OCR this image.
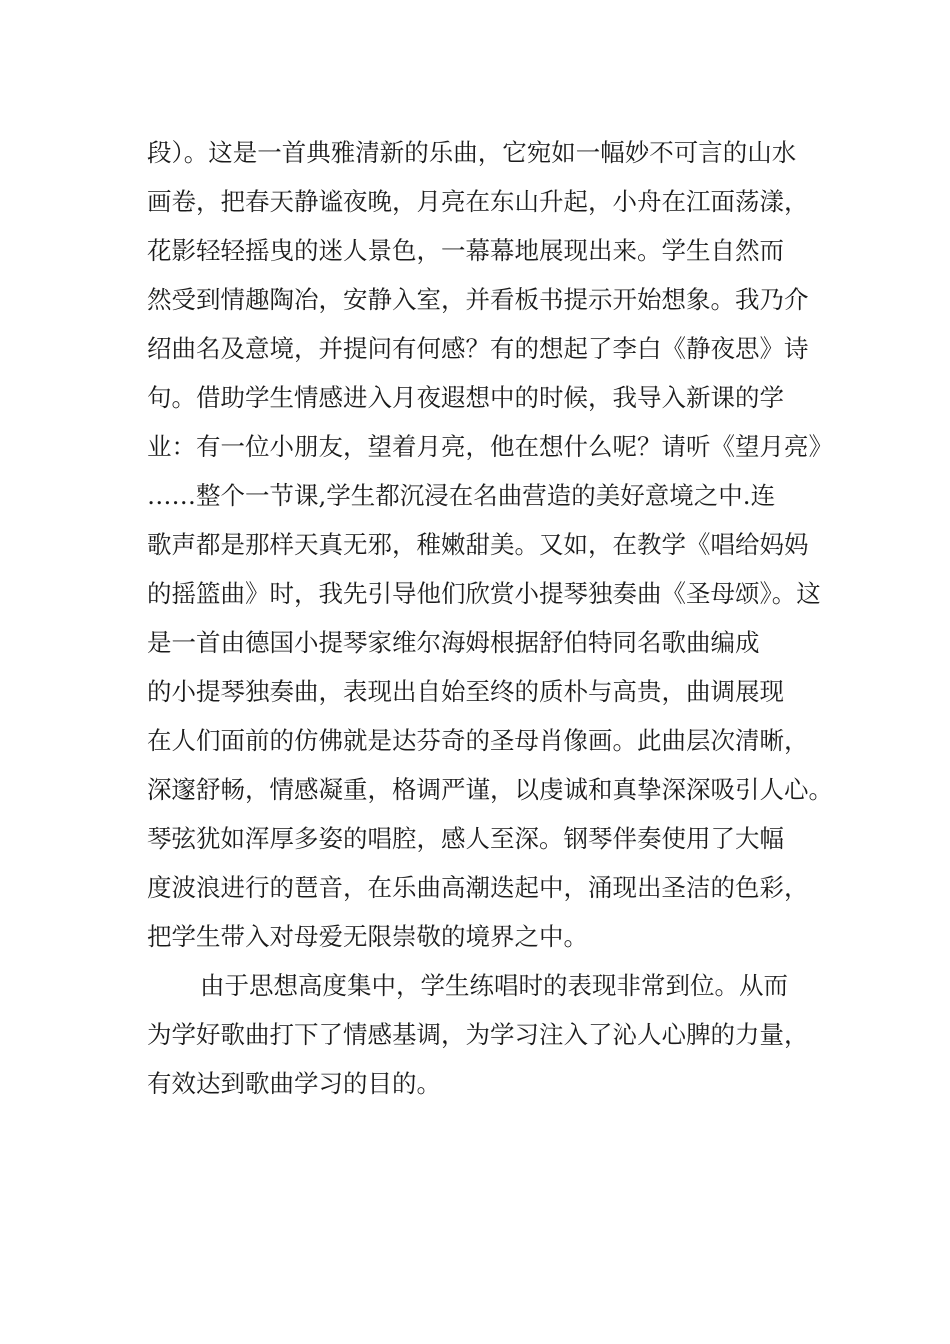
段）。这是一首典雅清新的乐曲，它宛如一幅妙不可言的山水
画卷，把春天静谧夜晚，月亮在东山升起，小舟在江面荡漾，
花影轻轻摇曳的迷人景色，一幕幕地展现出来。学生自然而
然受到情趣陶冶，安静入室，并看板书提示开始想象。我乃介
绍曲名及意境，并提问有何感？有的想起了李白《静夜思》诗
句。借助学生情感进入月夜遐想中的时候，我导入新课的学
业：有一位小朋友，望着月亮，他在想什么呢？请听《望月亮》
……整个一节课,学生都沉浸在名曲营造的美好意境之中.连
歌声都是那样天真无邪，稚嫩甜美。又如，在教学《唱给妈妈
的摇篮曲》时，我先引导他们欣赏小提琴独奏曲《圣母颂》。这
是一首由德国小提琴家维尔海姆根据舒伯特同名歌曲编成
的小提琴独奏曲，表现出自始至终的质朴与高贵，曲调展现
在人们面前的仿佛就是达芬奇的圣母肖像画。此曲层次清晰，
深邃舒畅，情感凝重，格调严谨，以虔诚和真挚深深吸引人心。
琴弦犹如浑厚多姿的唱腔，感人至深。钢琴伴奏使用了大幅
度波浪进行的琶音，在乐曲高潮迭起中，涌现出圣洁的色彩，
把学生带入对母爱无限崇敬的境界之中。
由于思想高度集中，学生练唱时的表现非常到位。从而
为学好歌曲打下了情感基调，为学习注入了沁人心脾的力量，
有效达到歌曲学习的目的。
